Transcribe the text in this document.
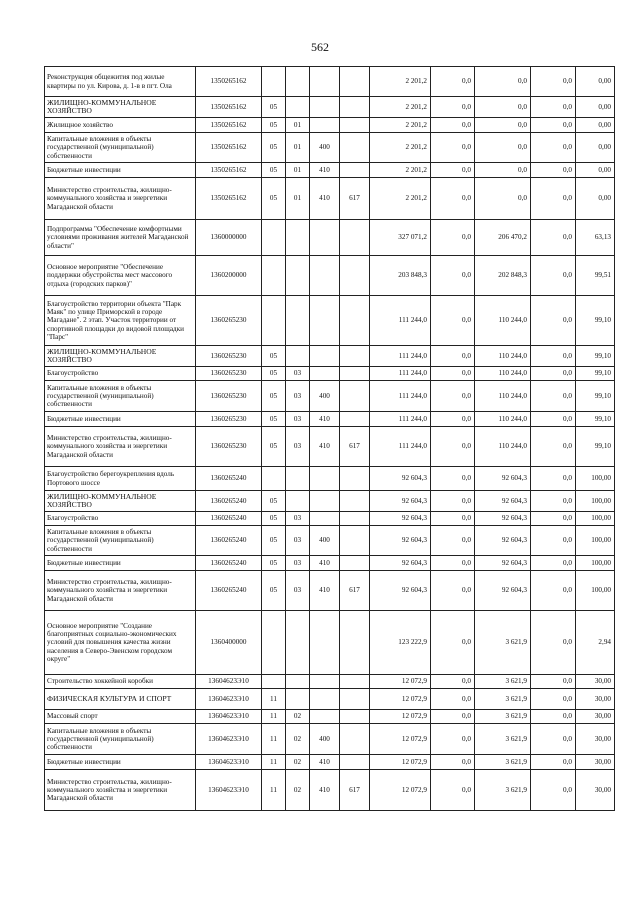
562
Реконструкция общежития под жилые квартиры по ул. Кирова, д. 1-в в пгт. Ола	1350265162					2 201,2	0,0	0,0	0,0	0,00
ЖИЛИЩНО-КОММУНАЛЬНОЕ ХОЗЯЙСТВО	1350265162	05				2 201,2	0,0	0,0	0,0	0,00
Жилищное хозяйство	1350265162	05	01			2 201,2	0,0	0,0	0,0	0,00
Капитальные вложения в объекты государственной (муниципальной) собственности	1350265162	05	01	400		2 201,2	0,0	0,0	0,0	0,00
Бюджетные инвестиции	1350265162	05	01	410		2 201,2	0,0	0,0	0,0	0,00
Министерство строительства, жилищно-коммунального хозяйства и энергетики Магаданской области	1350265162	05	01	410	617	2 201,2	0,0	0,0	0,0	0,00
Подпрограмма "Обеспечение комфортными условиями проживания жителей Магаданской области"	1360000000					327 071,2	0,0	206 470,2	0,0	63,13
Основное мероприятие "Обеспечение поддержки обустройства мест массового отдыха (городских парков)"	1360200000					203 848,3	0,0	202 848,3	0,0	99,51
Благоустройство территории объекта "Парк Маяк" по улице Приморской в городе Магадане". 2 этап. Участок территории от спортивной площадки до видовой площадки "Парс"	1360265230					111 244,0	0,0	110 244,0	0,0	99,10
ЖИЛИЩНО-КОММУНАЛЬНОЕ ХОЗЯЙСТВО	1360265230	05				111 244,0	0,0	110 244,0	0,0	99,10
Благоустройство	1360265230	05	03			111 244,0	0,0	110 244,0	0,0	99,10
Капитальные вложения в объекты государственной (муниципальной) собственности	1360265230	05	03	400		111 244,0	0,0	110 244,0	0,0	99,10
Бюджетные инвестиции	1360265230	05	03	410		111 244,0	0,0	110 244,0	0,0	99,10
Министерство строительства, жилищно-коммунального хозяйства и энергетики Магаданской области	1360265230	05	03	410	617	111 244,0	0,0	110 244,0	0,0	99,10
Благоустройство берегоукрепления вдоль Портового шоссе	1360265240					92 604,3	0,0	92 604,3	0,0	100,00
ЖИЛИЩНО-КОММУНАЛЬНОЕ ХОЗЯЙСТВО	1360265240	05				92 604,3	0,0	92 604,3	0,0	100,00
Благоустройство	1360265240	05	03			92 604,3	0,0	92 604,3	0,0	100,00
Капитальные вложения в объекты государственной (муниципальной) собственности	1360265240	05	03	400		92 604,3	0,0	92 604,3	0,0	100,00
Бюджетные инвестиции	1360265240	05	03	410		92 604,3	0,0	92 604,3	0,0	100,00
Министерство строительства, жилищно-коммунального хозяйства и энергетики Магаданской области	1360265240	05	03	410	617	92 604,3	0,0	92 604,3	0,0	100,00
Основное мероприятие "Создание благоприятных социально-экономических условий для повышения качества жизни населения в Северо-Эвенском городском округе"	1360400000					123 222,9	0,0	3 621,9	0,0	2,94
Строительство хоккейной коробки	13604623Э10					12 072,9	0,0	3 621,9	0,0	30,00
ФИЗИЧЕСКАЯ КУЛЬТУРА И СПОРТ	13604623Э10	11				12 072,9	0,0	3 621,9	0,0	30,00
Массовый спорт	13604623Э10	11	02			12 072,9	0,0	3 621,9	0,0	30,00
Капитальные вложения в объекты государственной (муниципальной) собственности	13604623Э10	11	02	400		12 072,9	0,0	3 621,9	0,0	30,00
Бюджетные инвестиции	13604623Э10	11	02	410		12 072,9	0,0	3 621,9	0,0	30,00
Министерство строительства, жилищно-коммунального хозяйства и энергетики Магаданской области	13604623Э10	11	02	410	617	12 072,9	0,0	3 621,9	0,0	30,00
